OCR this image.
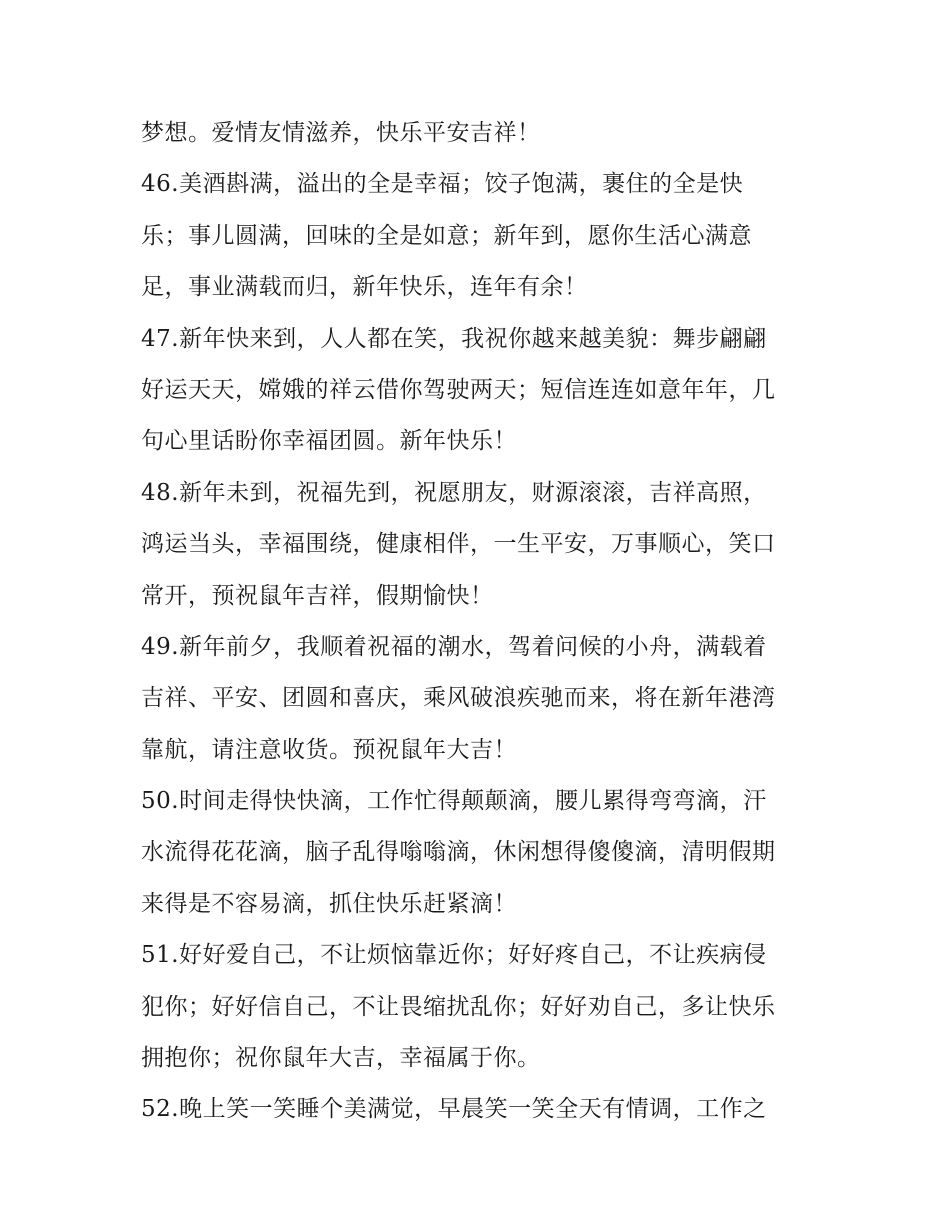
梦想。爱情友情滋养，快乐平安吉祥！
46.美酒斟满，溢出的全是幸福；饺子饱满，裹住的全是快
乐；事儿圆满，回味的全是如意；新年到，愿你生活心满意
足，事业满载而归，新年快乐，连年有余！
47.新年快来到，人人都在笑，我祝你越来越美貌：舞步翩翩
好运天天，嫦娥的祥云借你驾驶两天；短信连连如意年年，几
句心里话盼你幸福团圆。新年快乐！
48.新年未到，祝福先到，祝愿朋友，财源滚滚，吉祥高照，
鸿运当头，幸福围绕，健康相伴，一生平安，万事顺心，笑口
常开，预祝鼠年吉祥，假期愉快！
49.新年前夕，我顺着祝福的潮水，驾着问候的小舟，满载着
吉祥、平安、团圆和喜庆，乘风破浪疾驰而来，将在新年港湾
靠航，请注意收货。预祝鼠年大吉！
50.时间走得快快滴，工作忙得颠颠滴，腰儿累得弯弯滴，汗
水流得花花滴，脑子乱得嗡嗡滴，休闲想得傻傻滴，清明假期
来得是不容易滴，抓住快乐赶紧滴！
51.好好爱自己，不让烦恼靠近你；好好疼自己，不让疾病侵
犯你；好好信自己，不让畏缩扰乱你；好好劝自己，多让快乐
拥抱你；祝你鼠年大吉，幸福属于你。
52.晚上笑一笑睡个美满觉，早晨笑一笑全天有情调，工作之
